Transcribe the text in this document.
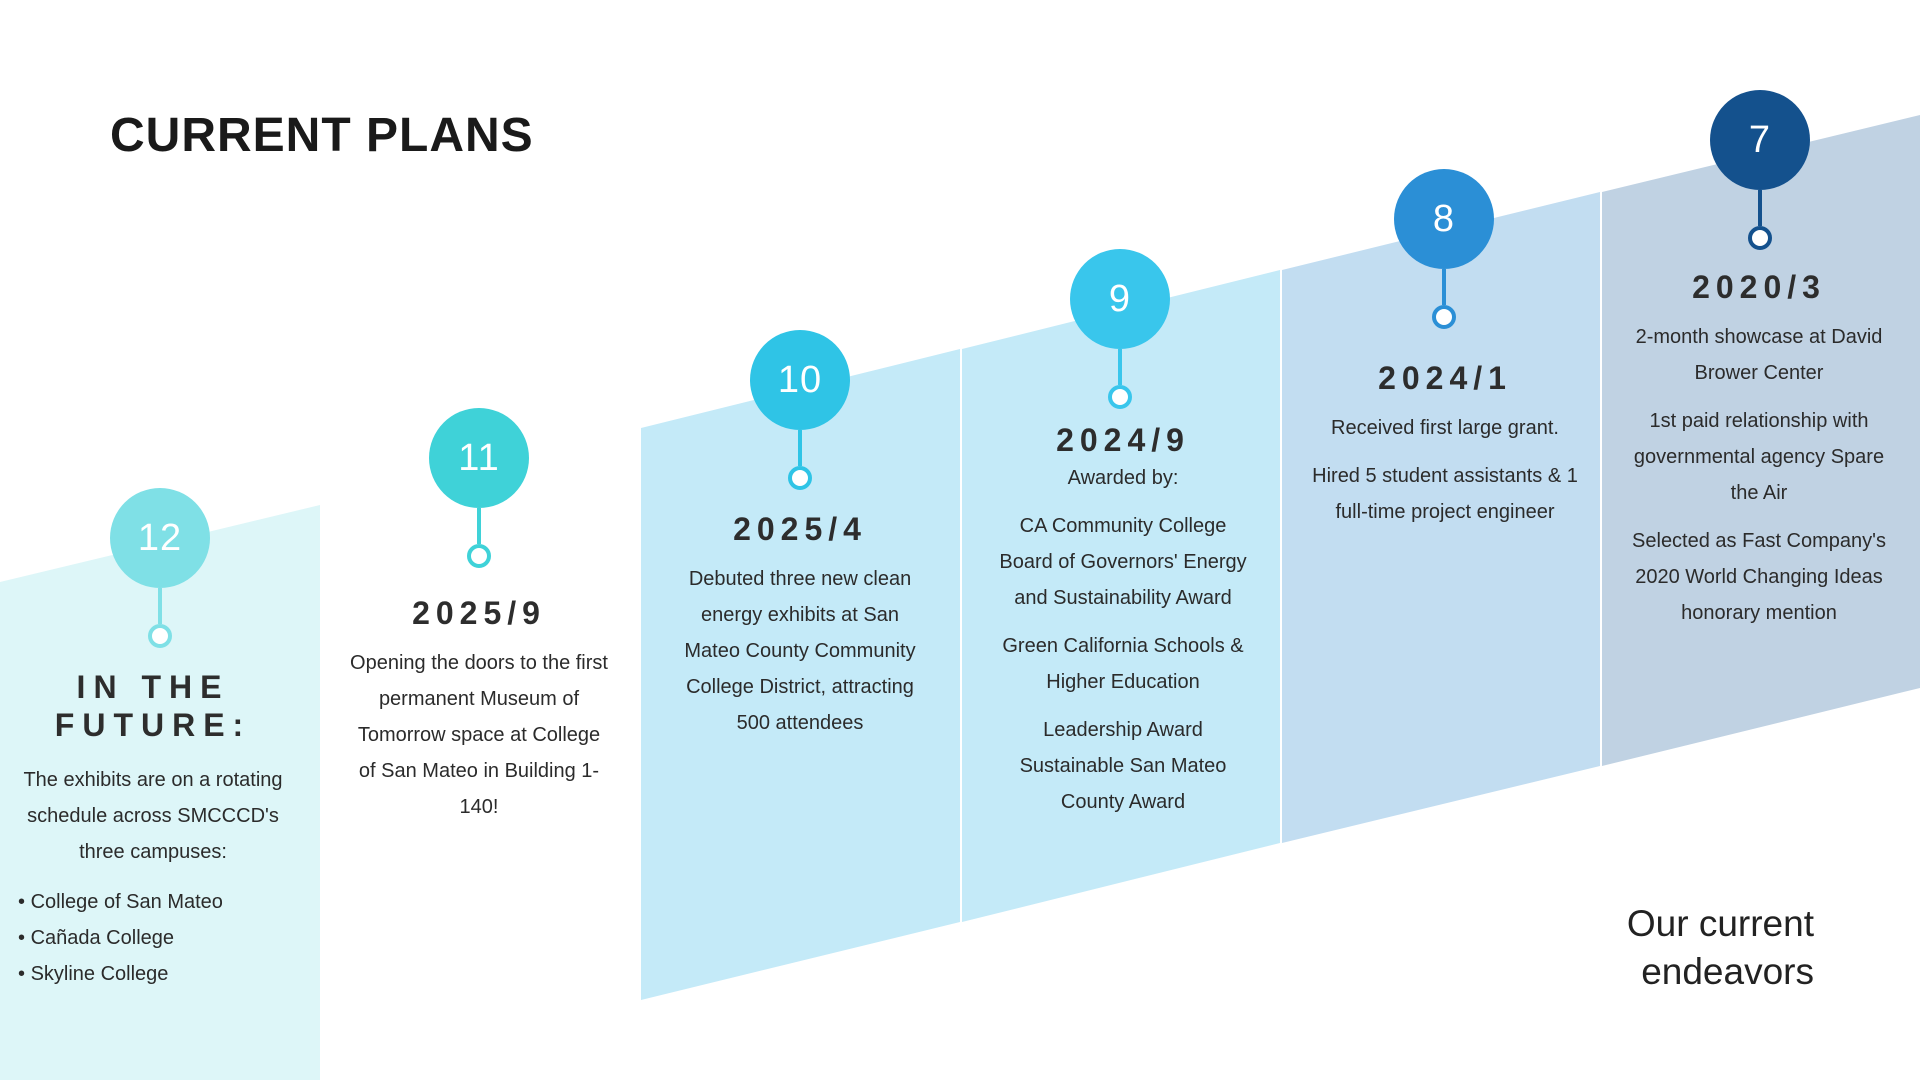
CURRENT PLANS
12
11
10
9
8
7

IN THE FUTURE:

The exhibits are on a rotating schedule across SMCCCD's three campuses:

• College of San Mateo
• Cañada College
• Skyline College

2025/9

Opening the doors to the first permanent Museum of Tomorrow space at College of San Mateo in Building 1-140!

2025/4

Debuted three new clean energy exhibits at San Mateo County Community College District, attracting 500 attendees

2024/9

Awarded by:

CA Community College Board of Governors' Energy and Sustainability Award

Green California Schools & Higher Education

Leadership Award Sustainable San Mateo County Award

2024/1

Received first large grant.

Hired 5 student assistants & 1 full-time project engineer

2020/3

2-month showcase at David Brower Center

1st paid relationship with governmental agency Spare the Air

Selected as Fast Company's 2020 World Changing Ideas honorary mention

Our current endeavors
